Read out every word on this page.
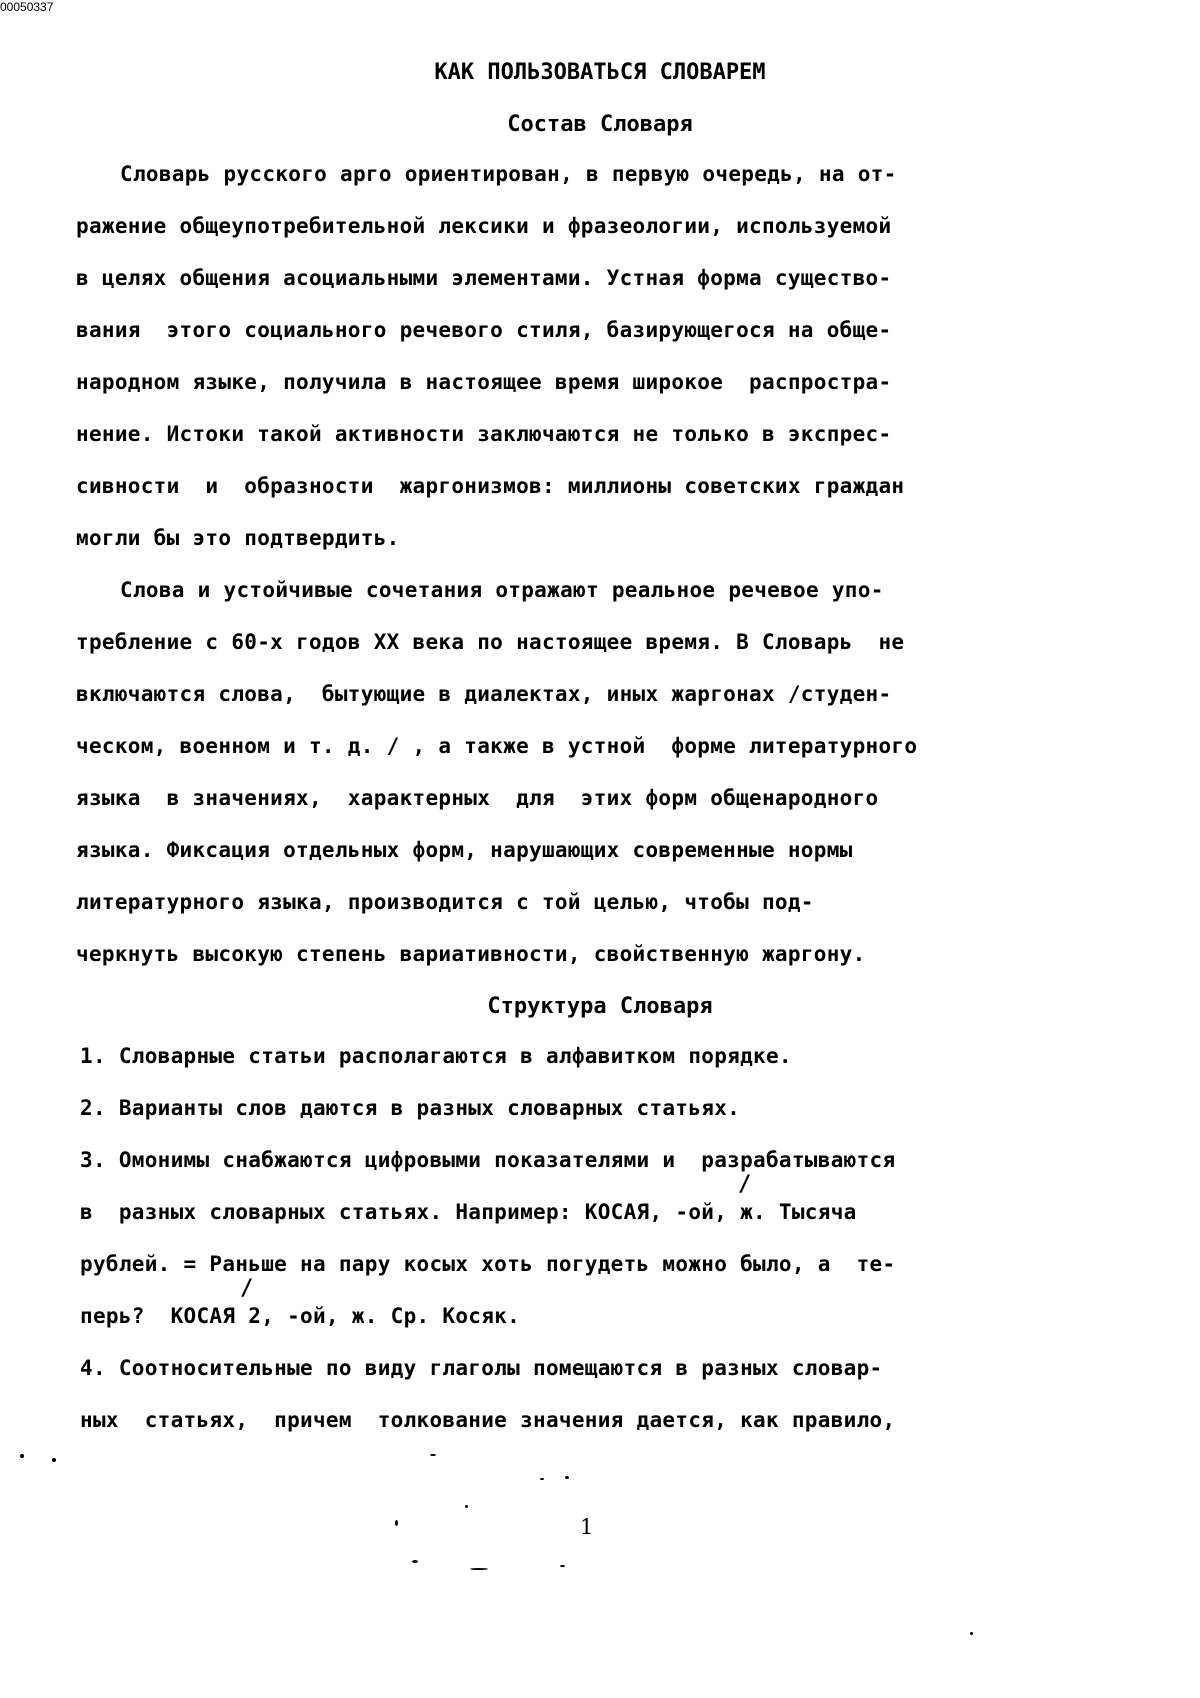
00050337
КАК ПОЛЬЗОВАТЬСЯ СЛОВАРЕМ
Состав Словаря
Словарь русского арго ориентирован, в первую очередь, на от-
ражение общеупотребительной лексики и фразеологии, используемой
в целях общения асоциальными элементами. Устная форма существо-
вания  этого социального речевого стиля, базирующегося на обще-
народном языке, получила в настоящее время широкое  распростра-
нение. Истоки такой активности заключаются не только в экспрес-
сивности  и  образности  жаргонизмов: миллионы советских граждан
могли бы это подтвердить.
Слова и устойчивые сочетания отражают реальное речевое упо-
требление с 60-х годов XX века по настоящее время. В Словарь  не
включаются слова,  бытующие в диалектах, иных жаргонах /студен-
ческом, военном и т. д. / , а также в устной  форме литературного
языка  в значениях,  характерных  для  этих форм общенародного
языка. Фиксация отдельных форм, нарушающих современные нормы
литературного языка, производится с той целью, чтобы под-
черкнуть высокую степень вариативности, свойственную жаргону.
Структура Словаря
1. Словарные статьи располагаются в алфавитком порядке.
2. Варианты слов даются в разных словарных статьях.
3. Омонимы снабжаются цифровыми показателями и  разрабатываются
/
в  разных словарных статьях. Например: КОСАЯ, -ой, ж. Тысяча
рублей. = Раньше на пару косых хоть погудеть можно было, а  те-
/
перь?  КОСАЯ 2, -ой, ж. Ср. Косяк.
4. Соотносительные по виду глаголы помещаются в разных словар-
ных  статьях,  причем  толкование значения дается, как правило,
1
